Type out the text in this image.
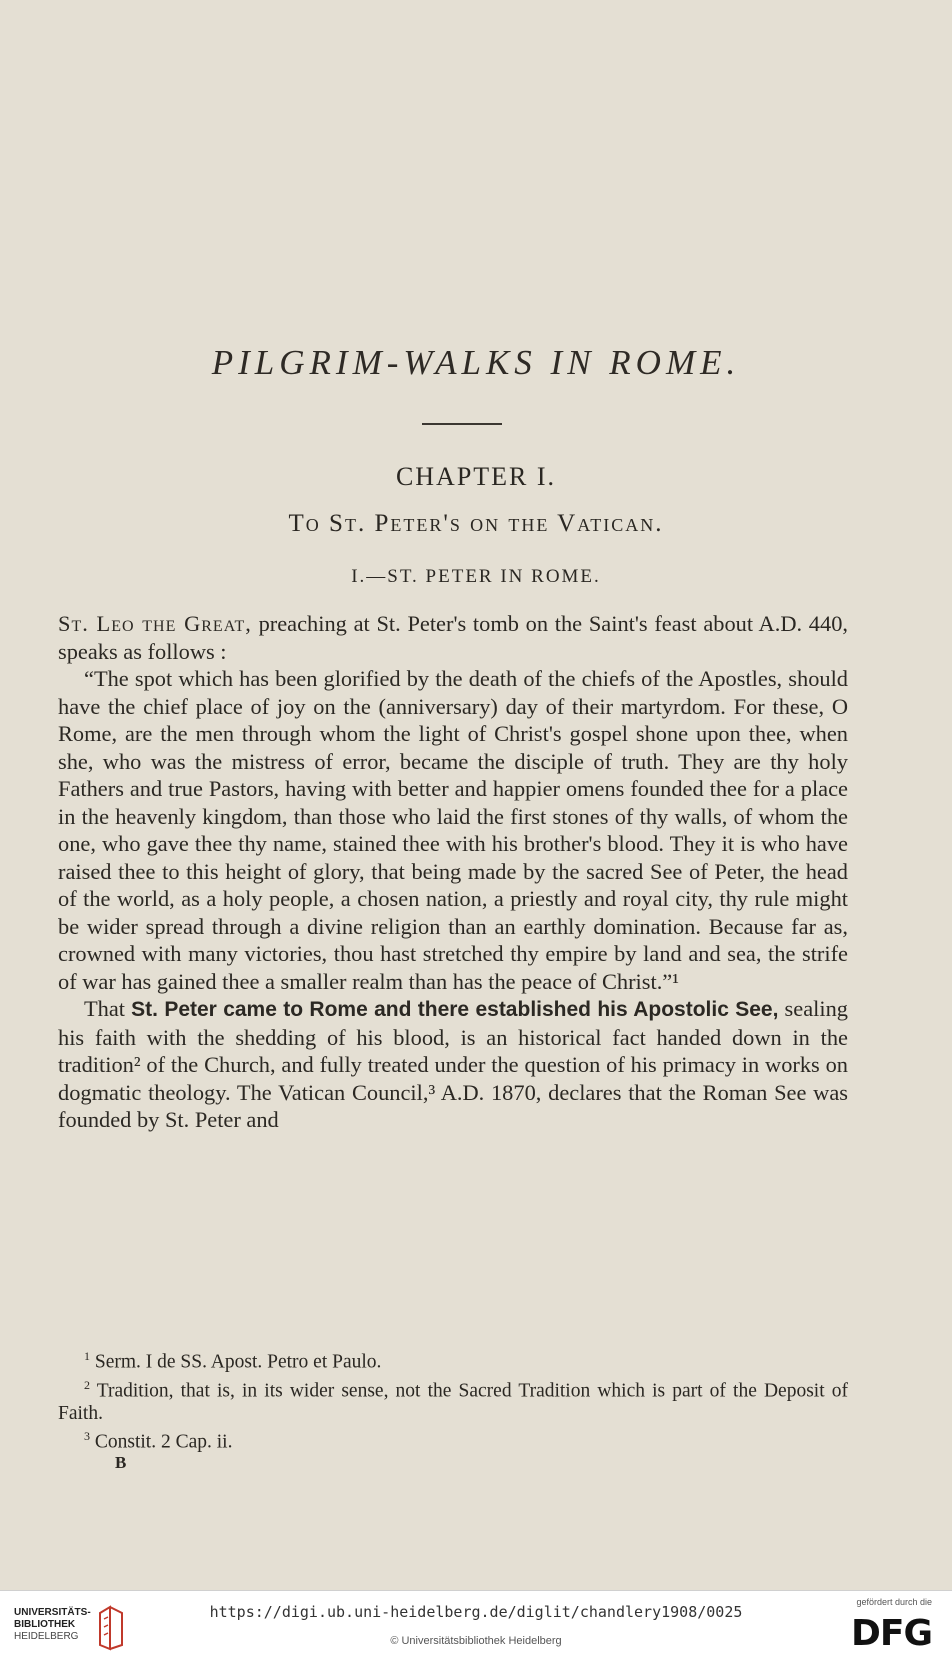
PILGRIM-WALKS IN ROME.
CHAPTER I.
To St. Peter's on the Vatican.
I.—ST. PETER IN ROME.

St. Leo the Great, preaching at St. Peter's tomb on the Saint's feast about A.D. 440, speaks as follows :

“The spot which has been glorified by the death of the chiefs of the Apostles, should have the chief place of joy on the (anniversary) day of their martyrdom. For these, O Rome, are the men through whom the light of Christ's gospel shone upon thee, when she, who was the mistress of error, became the disciple of truth. They are thy holy Fathers and true Pastors, having with better and happier omens founded thee for a place in the heavenly kingdom, than those who laid the first stones of thy walls, of whom the one, who gave thee thy name, stained thee with his brother's blood. They it is who have raised thee to this height of glory, that being made by the sacred See of Peter, the head of the world, as a holy people, a chosen nation, a priestly and royal city, thy rule might be wider spread through a divine religion than an earthly domination. Because far as, crowned with many victories, thou hast stretched thy empire by land and sea, the strife of war has gained thee a smaller realm than has the peace of Christ.”¹

That St. Peter came to Rome and there established his Apostolic See, sealing his faith with the shedding of his blood, is an historical fact handed down in the tradition² of the Church, and fully treated under the question of his primacy in works on dogmatic theology. The Vatican Council,³ A.D. 1870, declares that the Roman See was founded by St. Peter and

$^1$ Serm. I de SS. Apost. Petro et Paulo.

$^2$ Tradition, that is, in its wider sense, not the Sacred Tradition which is part of the Deposit of Faith.

$^3$ Constit. 2 Cap. ii.

B
UNIVERSITÄTS-
BIBLIOTHEK
HEIDELBERG
https://digi.ub.uni-heidelberg.de/diglit/chandlery1908/0025
© Universitätsbibliothek Heidelberg
gefördert durch die
DFG
